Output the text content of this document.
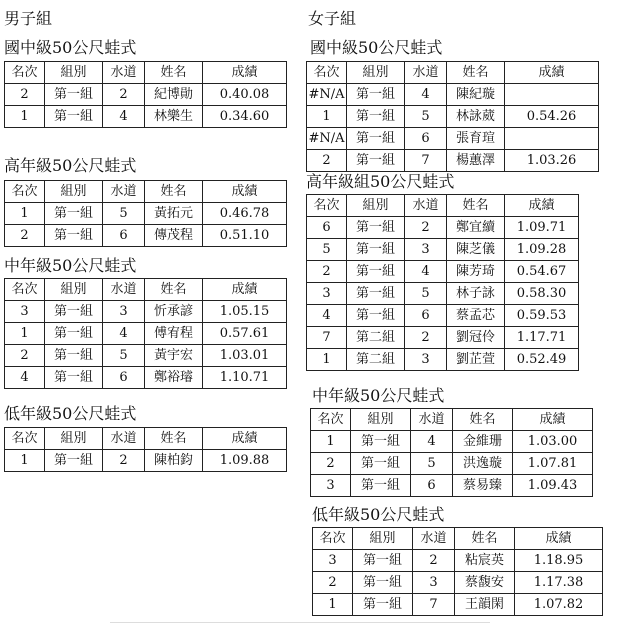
男子組	女子組
國中級50公尺蛙式
名次	組別	水道	姓名	成績
2	第一組	2	紀博勛	0.40.08
1	第一組	4	林樂生	0.34.60
高年級50公尺蛙式
名次	組別	水道	姓名	成績
1	第一組	5	黃拓元	0.46.78
2	第一組	6	傳茂程	0.51.10
中年級50公尺蛙式
名次	組別	水道	姓名	成績
3	第一組	3	忻承諺	1.05.15
1	第一組	4	傅宥程	0.57.61
2	第一組	5	黃宇宏	1.03.01
4	第一組	6	鄭裕璿	1.10.71
低年級50公尺蛙式
名次	組別	水道	姓名	成績
1	第一組	2	陳柏鈞	1.09.88
國中級50公尺蛙式
名次	組別	水道	姓名	成績
#N/A	第一組	4	陳紀璇	
1	第一組	5	林詠葳	0.54.26
#N/A	第一組	6	張育瑄	
2	第一組	7	楊蕙澤	1.03.26
高年級組50公尺蛙式
名次	組別	水道	姓名	成績
6	第一組	2	鄭宜續	1.09.71
5	第一組	3	陳芝儀	1.09.28
2	第一組	4	陳芳琦	0.54.67
3	第一組	5	林子詠	0.58.30
4	第一組	6	蔡孟芯	0.59.53
7	第二組	2	劉冠伶	1.17.71
1	第二組	3	劉芷萱	0.52.49
中年級50公尺蛙式
名次	組別	水道	姓名	成績
1	第一組	4	金維珊	1.03.00
2	第一組	5	洪逸璇	1.07.81
3	第一組	6	蔡易臻	1.09.43
低年級50公尺蛙式
名次	組別	水道	姓名	成績
3	第一組	2	粘宸英	1.18.95
2	第一組	3	蔡馥安	1.17.38
1	第一組	7	王韻閑	1.07.82
